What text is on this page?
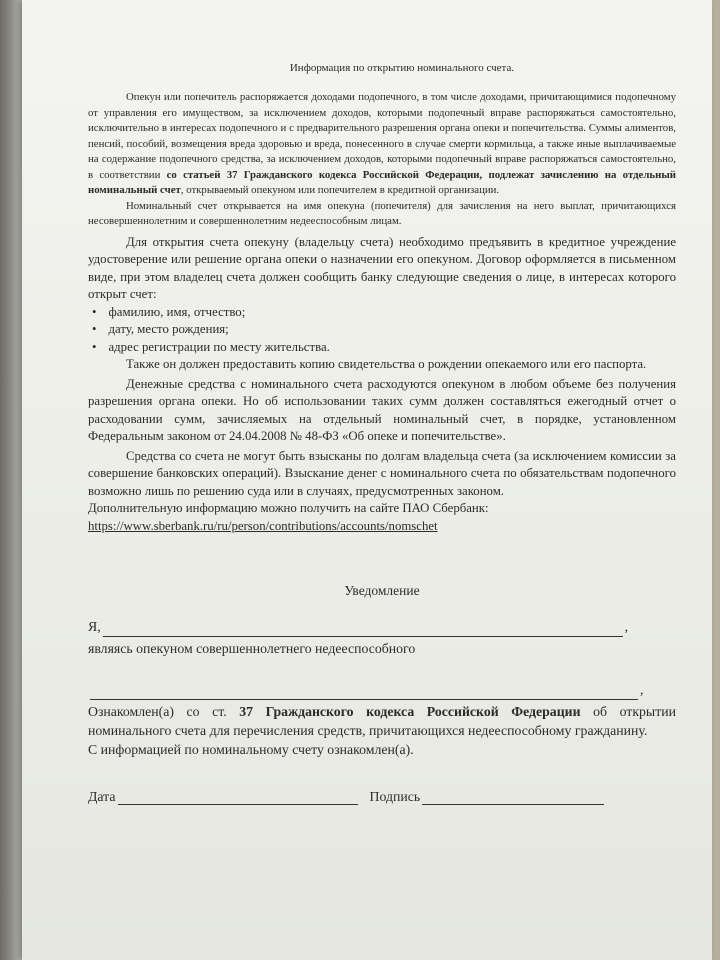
Информация по открытию номинального счета.

Опекун или попечитель распоряжается доходами подопечного, в том числе доходами, причитающимися подопечному от управления его имуществом, за исключением доходов, которыми подопечный вправе распоряжаться самостоятельно, исключительно в интересах подопечного и с предварительного разрешения органа опеки и попечительства. Суммы алиментов, пенсий, пособий, возмещения вреда здоровью и вреда, понесенного в случае смерти кормильца, а также иные выплачиваемые на содержание подопечного средства, за исключением доходов, которыми подопечный вправе распоряжаться самостоятельно, в соответствии со статьей 37 Гражданского кодекса Российской Федерации, подлежат зачислению на отдельный номинальный счет, открываемый опекуном или попечителем в кредитной организации.

Номинальный счет открывается на имя опекуна (попечителя) для зачисления на него выплат, причитающихся несовершеннолетним и совершеннолетним недееспособным лицам.

Для открытия счета опекуну (владельцу счета) необходимо предъявить в кредитное учреждение удостоверение или решение органа опеки о назначении его опекуном. Договор оформляется в письменном виде, при этом владелец счета должен сообщить банку следующие сведения о лице, в интересах которого открыт счет:

• фамилию, имя, отчество;
• дату, место рождения;
• адрес регистрации по месту жительства.

Также он должен предоставить копию свидетельства о рождении опекаемого или его паспорта.

Денежные средства с номинального счета расходуются опекуном в любом объеме без получения разрешения органа опеки. Но об использовании таких сумм должен составляться ежегодный отчет о расходовании сумм, зачисляемых на отдельный номинальный счет, в порядке, установленном Федеральным законом от 24.04.2008 № 48-ФЗ «Об опеке и попечительстве».

Средства со счета не могут быть взысканы по долгам владельца счета (за исключением комиссии за совершение банковских операций). Взыскание денег с номинального счета по обязательствам подопечного возможно лишь по решению суда или в случаях, предусмотренных законом.

Дополнительную информацию можно получить на сайте ПАО Сбербанк:

https://www.sberbank.ru/ru/person/contributions/accounts/nomschet

Уведомление
Я,	,
являясь опекуном совершеннолетнего недееспособного
,

Ознакомлен(а) со ст. 37 Гражданского кодекса Российской Федерации об открытии номинального счета для перечисления средств, причитающихся недееспособному гражданину.

С информацией по номинальному счету ознакомлен(а).
Дата	Подпись
